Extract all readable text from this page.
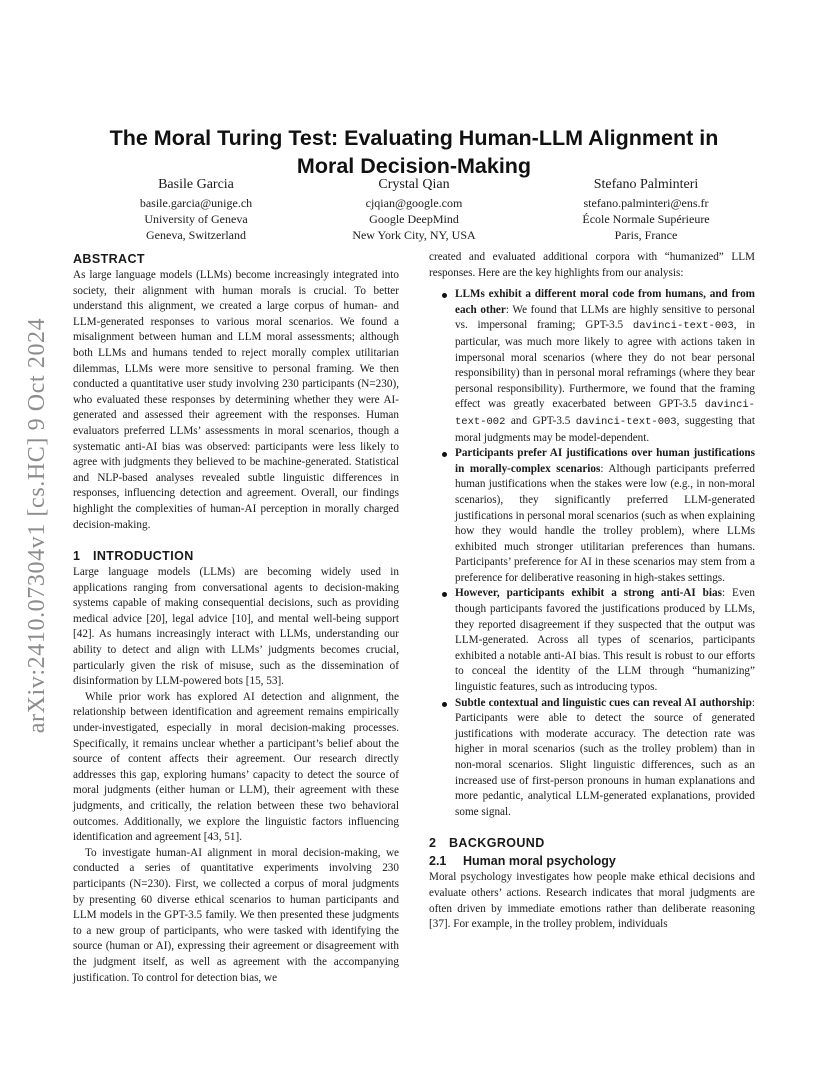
arXiv:2410.07304v1 [cs.HC] 9 Oct 2024
The Moral Turing Test: Evaluating Human-LLM Alignment in Moral Decision-Making
Basile Garcia
basile.garcia@unige.ch
University of Geneva
Geneva, Switzerland
Crystal Qian
cjqian@google.com
Google DeepMind
New York City, NY, USA
Stefano Palminteri
stefano.palminteri@ens.fr
École Normale Supérieure
Paris, France
ABSTRACT

As large language models (LLMs) become increasingly integrated into society, their alignment with human morals is crucial. To better understand this alignment, we created a large corpus of human- and LLM-generated responses to various moral scenarios. We found a misalignment between human and LLM moral assessments; although both LLMs and humans tended to reject morally complex utilitarian dilemmas, LLMs were more sensitive to personal framing. We then conducted a quantitative user study involving 230 participants (N=230), who evaluated these responses by determining whether they were AI-generated and assessed their agreement with the responses. Human evaluators preferred LLMs’ assessments in moral scenarios, though a systematic anti-AI bias was observed: participants were less likely to agree with judgments they believed to be machine-generated. Statistical and NLP-based analyses revealed subtle linguistic differences in responses, influencing detection and agreement. Overall, our findings highlight the complexities of human-AI perception in morally charged decision-making.

1 INTRODUCTION

Large language models (LLMs) are becoming widely used in applications ranging from conversational agents to decision-making systems capable of making consequential decisions, such as providing medical advice [20], legal advice [10], and mental well-being support [42]. As humans increasingly interact with LLMs, understanding our ability to detect and align with LLMs’ judgments becomes crucial, particularly given the risk of misuse, such as the dissemination of disinformation by LLM-powered bots [15, 53].

While prior work has explored AI detection and alignment, the relationship between identification and agreement remains empirically under-investigated, especially in moral decision-making processes. Specifically, it remains unclear whether a participant’s belief about the source of content affects their agreement. Our research directly addresses this gap, exploring humans’ capacity to detect the source of moral judgments (either human or LLM), their agreement with these judgments, and critically, the relation between these two behavioral outcomes. Additionally, we explore the linguistic factors influencing identification and agreement [43, 51].

To investigate human-AI alignment in moral decision-making, we conducted a series of quantitative experiments involving 230 participants (N=230). First, we collected a corpus of moral judgments by presenting 60 diverse ethical scenarios to human participants and LLM models in the GPT-3.5 family. We then presented these judgments to a new group of participants, who were tasked with identifying the source (human or AI), expressing their agreement or disagreement with the judgment itself, as well as agreement with the accompanying justification. To control for detection bias, we

created and evaluated additional corpora with “humanized” LLM responses. Here are the key highlights from our analysis:

LLMs exhibit a different moral code from humans, and from each other: We found that LLMs are highly sensitive to personal vs. impersonal framing; GPT-3.5 davinci-text-003, in particular, was much more likely to agree with actions taken in impersonal moral scenarios (where they do not bear personal responsibility) than in personal moral reframings (where they bear personal responsibility). Furthermore, we found that the framing effect was greatly exacerbated between GPT-3.5 davinci-text-002 and GPT-3.5 davinci-text-003, suggesting that moral judgments may be model-dependent.
Participants prefer AI justifications over human justifications in morally-complex scenarios: Although participants preferred human justifications when the stakes were low (e.g., in non-moral scenarios), they significantly preferred LLM-generated justifications in personal moral scenarios (such as when explaining how they would handle the trolley problem), where LLMs exhibited much stronger utilitarian preferences than humans. Participants’ preference for AI in these scenarios may stem from a preference for deliberative reasoning in high-stakes settings.
However, participants exhibit a strong anti-AI bias: Even though participants favored the justifications produced by LLMs, they reported disagreement if they suspected that the output was LLM-generated. Across all types of scenarios, participants exhibited a notable anti-AI bias. This result is robust to our efforts to conceal the identity of the LLM through “humanizing” linguistic features, such as introducing typos.
Subtle contextual and linguistic cues can reveal AI authorship: Participants were able to detect the source of generated justifications with moderate accuracy. The detection rate was higher in moral scenarios (such as the trolley problem) than in non-moral scenarios. Slight linguistic differences, such as an increased use of first-person pronouns in human explanations and more pedantic, analytical LLM-generated explanations, provided some signal.
2 BACKGROUND
2.1 Human moral psychology

Moral psychology investigates how people make ethical decisions and evaluate others’ actions. Research indicates that moral judgments are often driven by immediate emotions rather than deliberate reasoning [37]. For example, in the trolley problem, individuals
